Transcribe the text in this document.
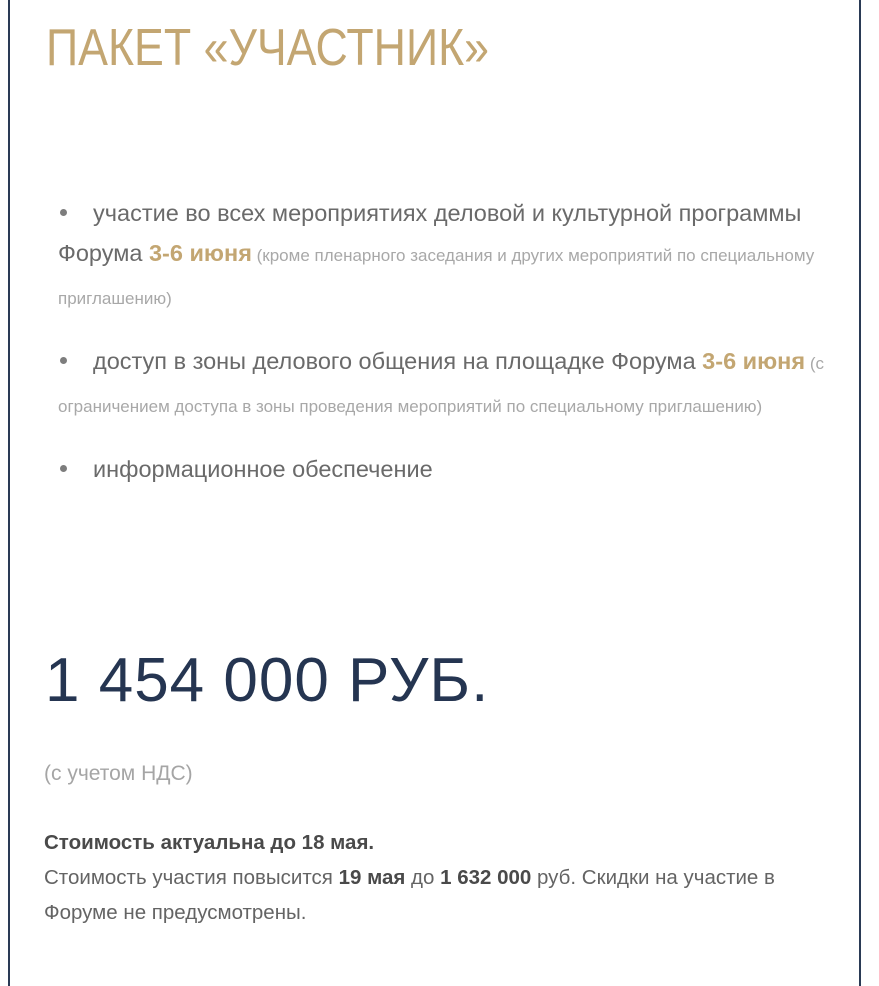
ПАКЕТ «УЧАСТНИК»
участие во всех мероприятиях деловой и культурной программы Форума 3-6 июня (кроме пленарного заседания и других мероприятий по специальному приглашению)
доступ в зоны делового общения на площадке Форума 3-6 июня (с ограничением доступа в зоны проведения мероприятий по специальному приглашению)
информационное обеспечение
1 454 000 РУБ.
(с учетом НДС)
Стоимость актуальна до 18 мая.
Стоимость участия повысится 19 мая до 1 632 000 руб. Скидки на участие в Форуме не предусмотрены.
